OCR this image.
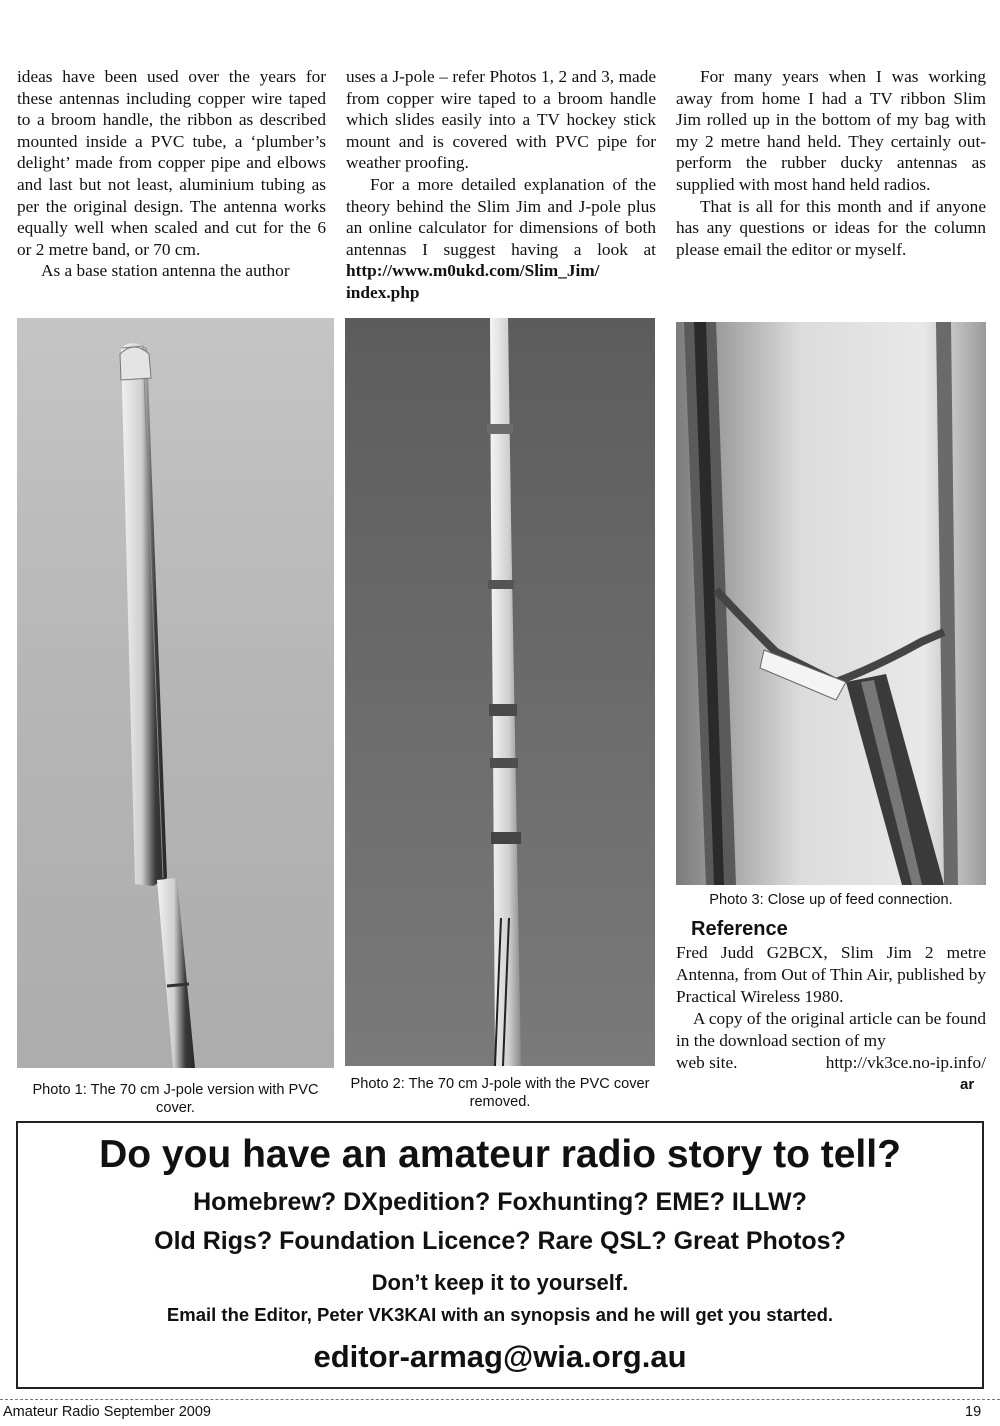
ideas have been used over the years for these antennas including copper wire taped to a broom handle, the ribbon as described mounted inside a PVC tube, a ‘plumber’s delight’ made from copper pipe and elbows and last but not least, aluminium tubing as per the original design. The antenna works equally well when scaled and cut for the 6 or 2 metre band, or 70 cm.

As a base station antenna the author

uses a J-pole – refer Photos 1, 2 and 3, made from copper wire taped to a broom handle which slides easily into a TV hockey stick mount and is covered with PVC pipe for weather proofing.

For a more detailed explanation of the theory behind the Slim Jim and J-pole plus an online calculator for dimensions of both antennas I suggest having a look at http://www.m0ukd.com/Slim_Jim/ index.php

For many years when I was working away from home I had a TV ribbon Slim Jim rolled up in the bottom of my bag with my 2 metre hand held. They certainly out-perform the rubber ducky antennas as supplied with most hand held radios.

That is all for this month and if anyone has any questions or ideas for the column please email the editor or myself.

Photo 1: The 70 cm J-pole version with PVC cover.
Photo 2: The 70 cm J-pole with the PVC cover removed.
Photo 3: Close up of feed connection.
Reference

Fred Judd G2BCX, Slim Jim 2 metre Antenna, from Out of Thin Air, published by Practical Wireless 1980.

A copy of the original article can be found in the download section of my

web site.	http://vk3ce.no-ip.info/

ar
Do you have an amateur radio story to tell?
Homebrew? DXpedition? Foxhunting? EME? ILLW?
Old Rigs? Foundation Licence? Rare QSL? Great Photos?
Don’t keep it to yourself.
Email the Editor, Peter VK3KAI with an synopsis and he will get you started.
editor-armag@wia.org.au
Amateur Radio September 2009	19
